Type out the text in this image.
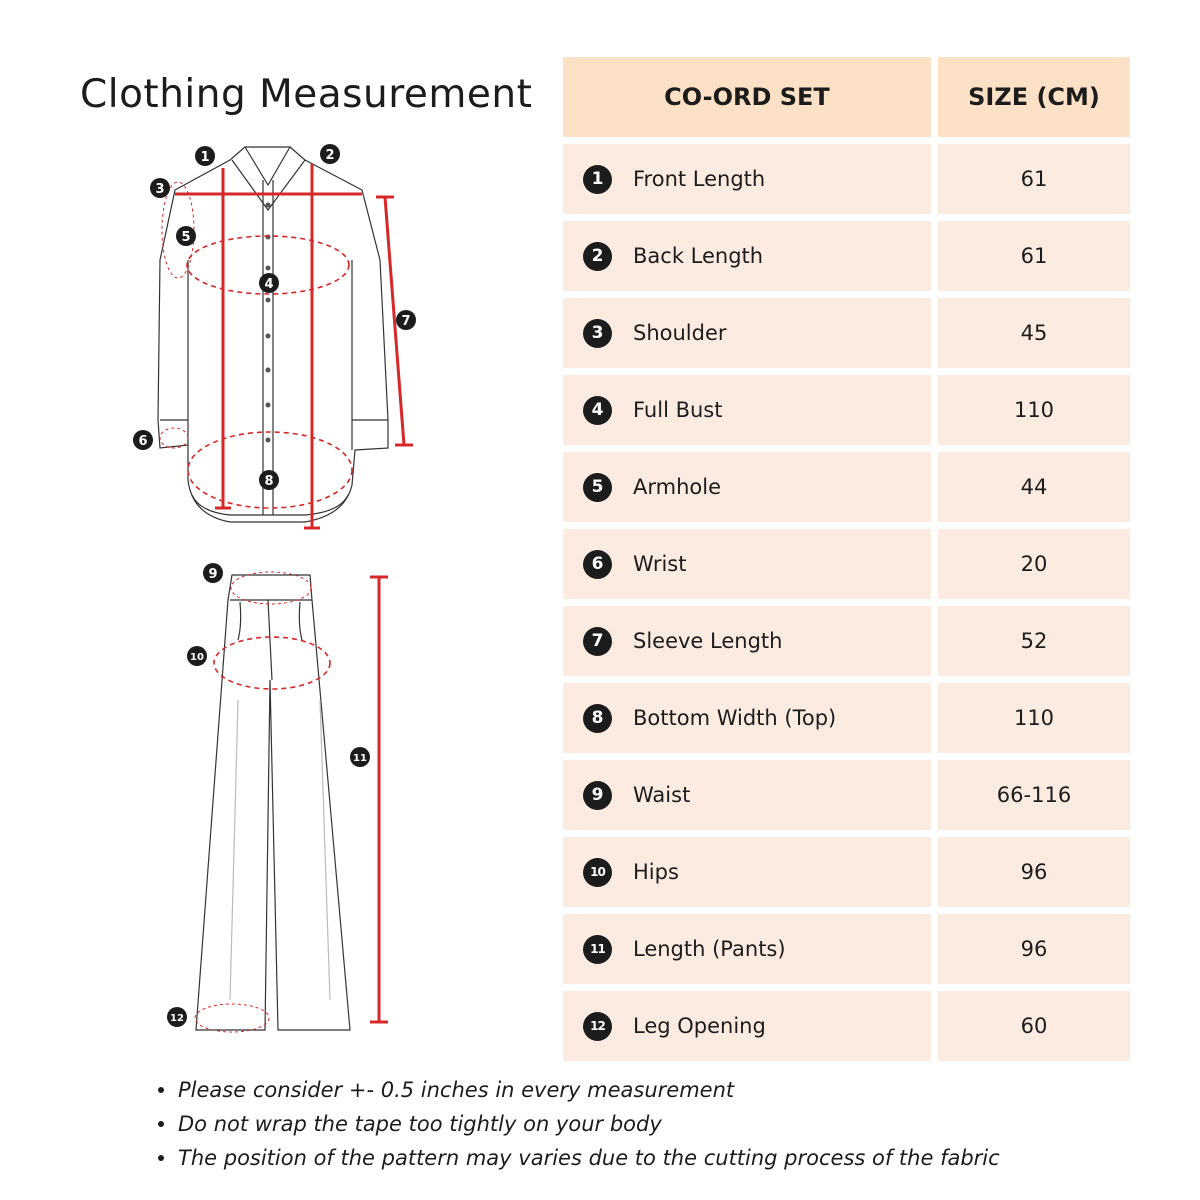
Clothing Measurement
1	2
3
4
5
6
7
8
9
10
11
12
CO-ORD SET	SIZE (CM)

1 Front Length	61

2 Back Length	61

3 Shoulder	45

4 Full Bust	110

5 Armhole	44

6 Wrist	20

7 Sleeve Length	52

8 Bottom Width (Top)	110

9 Waist	66-116

10 Hips	96

11 Length (Pants)	96

12 Leg Opening	60
Please consider +- 0.5 inches in every measurement
Do not wrap the tape too tightly on your body
The position of the pattern may varies due to the cutting process of the fabric
